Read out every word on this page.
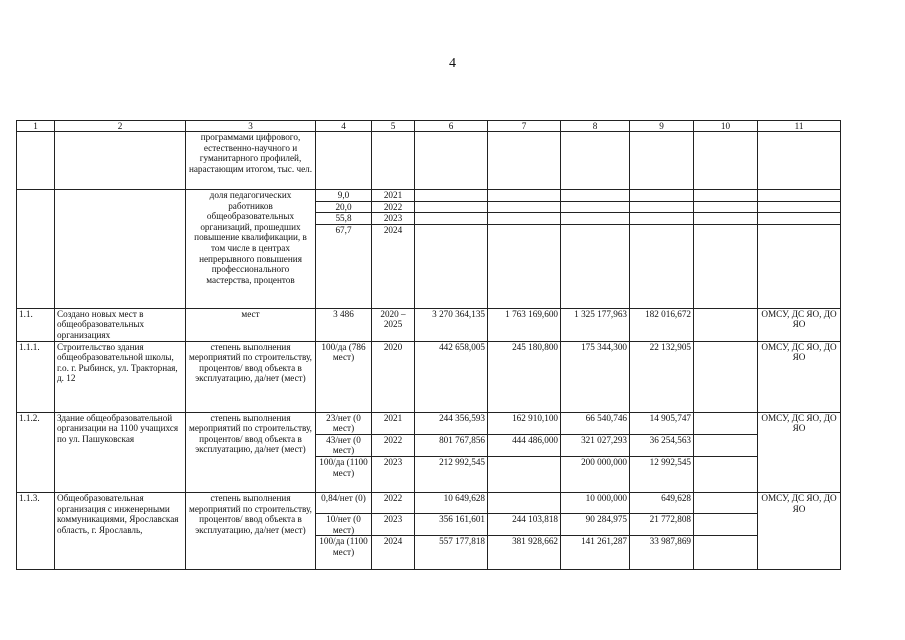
4
1	2	3	4	5	6	7	8	9	10	11
		программами цифрового, естественно-научного и гуманитарного профилей, нарастающим итогом, тыс. чел.								
		доля педагогических работников общеобразовательных организаций, прошедших повышение квалификации, в том числе в центрах непрерывного повышения профессионального мастерства, процентов	9,0	2021						
			20,0	2022						
			55,8	2023						
			67,7	2024						
1.1.	Создано новых мест в общеобразовательных организациях	мест	3 486	2020 – 2025	3 270 364,135	1 763 169,600	1 325 177,963	182 016,672		ОМСУ, ДС ЯО, ДО ЯО
1.1.1.	Строительство здания общеобразовательной школы, г.о. г. Рыбинск, ул. Тракторная, д. 12	степень выполнения мероприятий по строительству, процентов/ ввод объекта в эксплуатацию, да/нет (мест)	100/да (786 мест)	2020	442 658,005	245 180,800	175 344,300	22 132,905		ОМСУ, ДС ЯО, ДО ЯО
1.1.2.	Здание общеобразовательной организации на 1100 учащихся по ул. Пашуковская	степень выполнения мероприятий по строительству, процентов/ ввод объекта в эксплуатацию, да/нет (мест)	23/нет (0 мест)	2021	244 356,593	162 910,100	66 540,746	14 905,747		ОМСУ, ДС ЯО, ДО ЯО
			43/нет (0 мест)	2022	801 767,856	444 486,000	321 027,293	36 254,563		
			100/да (1100 мест)	2023	212 992,545		200 000,000	12 992,545		
1.1.3.	Общеобразовательная организация с инженерными коммуникациями, Ярославская область, г. Ярославль,	степень выполнения мероприятий по строительству, процентов/ ввод объекта в эксплуатацию, да/нет (мест)	0,84/нет (0)	2022	10 649,628		10 000,000	649,628		ОМСУ, ДС ЯО, ДО ЯО
			10/нет (0 мест)	2023	356 161,601	244 103,818	90 284,975	21 772,808		
			100/да (1100 мест)	2024	557 177,818	381 928,662	141 261,287	33 987,869		
